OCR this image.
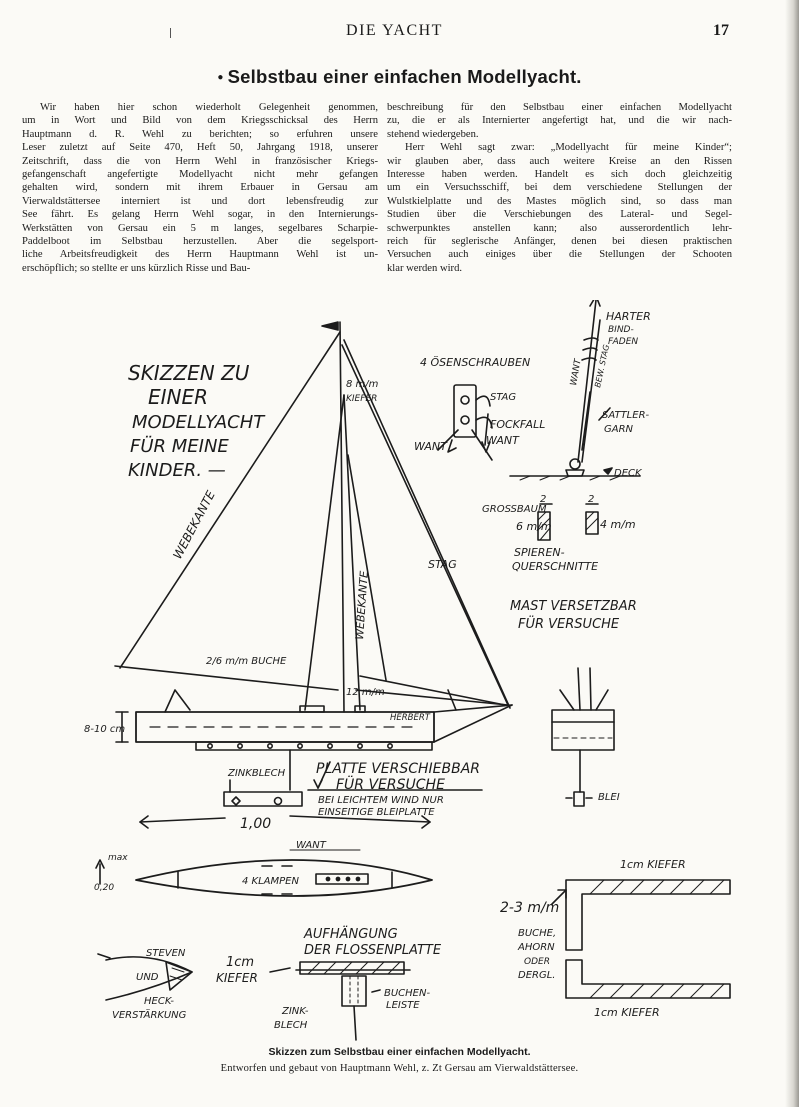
DIE YACHT	17
● Selbstbau einer einfachen Modellyacht.
Wir haben hier schon wiederholt Gelegenheit genommen,
um in Wort und Bild von dem Kriegsschicksal des Herrn
Hauptmann d. R. Wehl zu berichten; so erfuhren unsere
Leser zuletzt auf Seite 470, Heft 50, Jahrgang 1918, unserer
Zeitschrift, dass die von Herrn Wehl in französischer Kriegs-
gefangenschaft angefertigte Modellyacht nicht mehr gefangen
gehalten wird, sondern mit ihrem Erbauer in Gersau am
Vierwaldstättersee interniert ist und dort lebensfreudig zur
See fährt. Es gelang Herrn Wehl sogar, in den Internierungs-
Werkstätten von Gersau ein 5 m langes, segelbares Scharpie-
Paddelboot im Selbstbau herzustellen. Aber die segelsport-
liche Arbeitsfreudigkeit des Herrn Hauptmann Wehl ist un-
erschöpflich; so stellte er uns kürzlich Risse und Bau-
beschreibung für den Selbstbau einer einfachen Modellyacht
zu, die er als Internierter angefertigt hat, und die wir nach-
stehend wiedergeben.
Herr Wehl sagt zwar: „Modellyacht für meine Kinder“;
wir glauben aber, dass auch weitere Kreise an den Rissen
Interesse haben werden. Handelt es sich doch gleichzeitig
um ein Versuchsschiff, bei dem verschiedene Stellungen der
Wulstkielplatte und des Mastes möglich sind, so dass man
Studien über die Verschiebungen des Lateral- und Segel-
schwerpunktes anstellen kann; also ausserordentlich lehr-
reich für seglerische Anfänger, denen bei diesen praktischen
Versuchen auch einiges über die Stellungen der Schooten
klar werden wird.
SKIZZEN ZU
EINER
MODELLYACHT
FÜR MEINE
KINDER. —
WEBEKANTE
WEBEKANTE
8 m/m
KIEFER
STAG
2/6 m/m BUCHE
12 m/m
HERBERT
8-10 cm
ZINKBLECH PLATTE VERSCHIEBBAR
FÜR VERSUCHE
BEI LEICHTEM WIND NUR
EINSEITIGE BLEIPLATTE
1,00
4 ÖSENSCHRAUBEN
STAG
FOCKFALL
WANT	WANT
HARTER
BIND-
FADEN
WANT BEW. STAG
SATTLER-
GARN
DECK
GROSSBAUM
2
6 m/m
2
4 m/m
SPIEREN-
QUERSCHNITTE
MAST VERSETZBAR
FÜR VERSUCHE
BLEI
WANT
4 KLAMPEN
max
0,20
STEVEN
UND
HECK-
VERSTÄRKUNG
1cm
KIEFER
AUFHÄNGUNG
DER FLOSSENPLATTE
BUCHEN-
LEISTE
ZINK-
BLECH
1cm KIEFER
2-3 m/m
BUCHE,
AHORN
ODER
DERGL.
1cm KIEFER
Skizzen zum Selbstbau einer einfachen Modellyacht.
Entworfen und gebaut von Hauptmann Wehl, z. Zt Gersau am Vierwaldstättersee.
